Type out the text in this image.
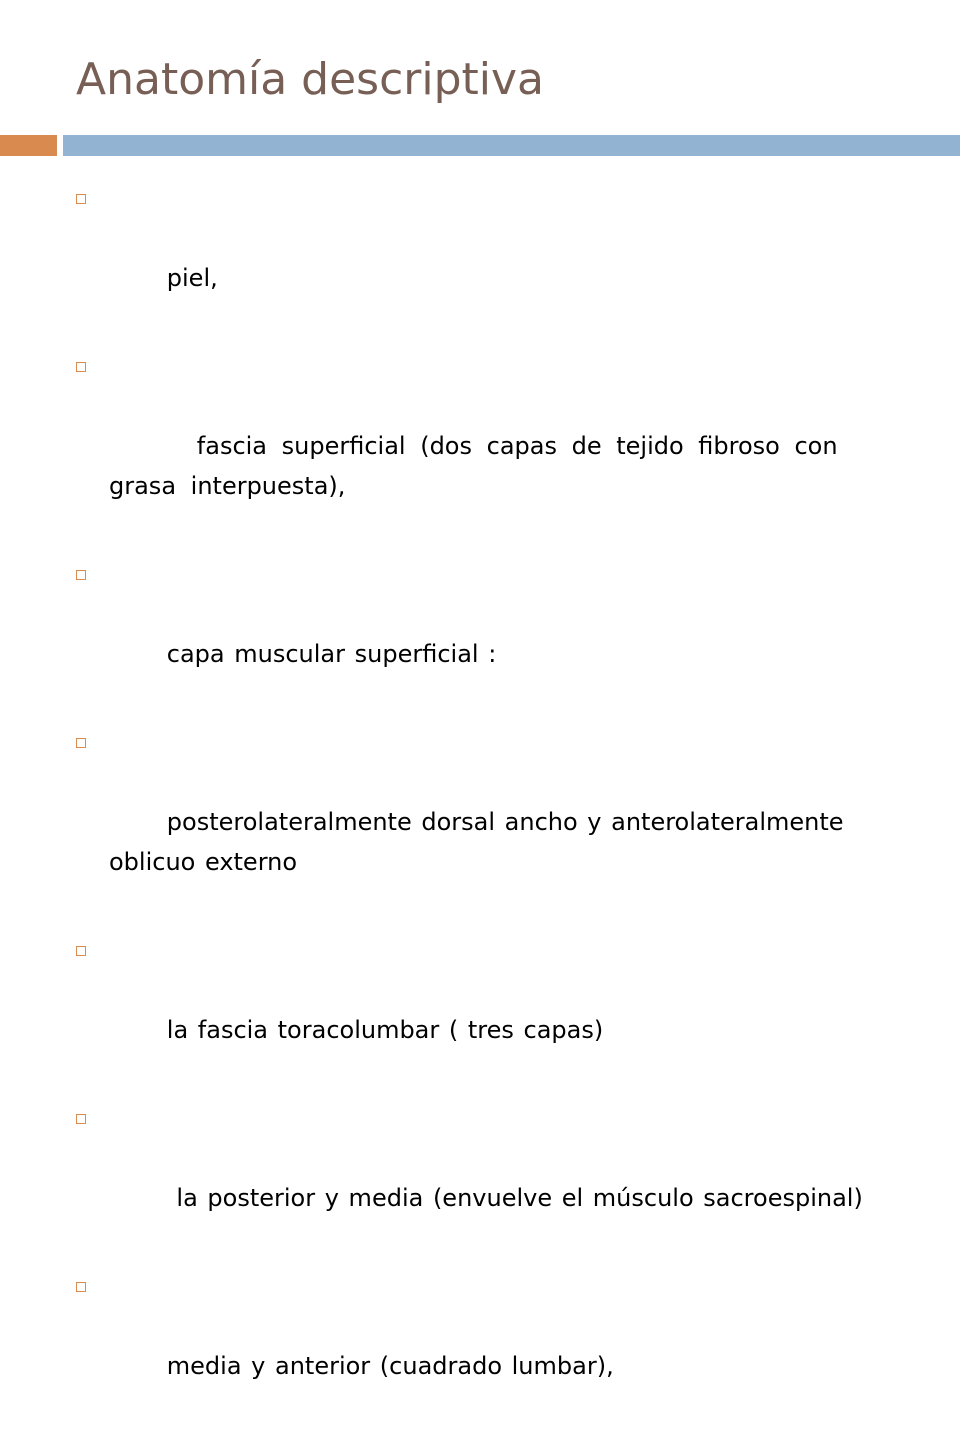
Anatomía descriptiva

piel,

fascia superficial (dos capas de tejido fibroso con grasa interpuesta),

capa muscular superficial :

posterolateralmente dorsal ancho y anterolateralmente oblicuo externo

la fascia toracolumbar ( tres capas)

la posterior y media (envuelve el músculo sacroespinal)

media y anterior (cuadrado lumbar),
